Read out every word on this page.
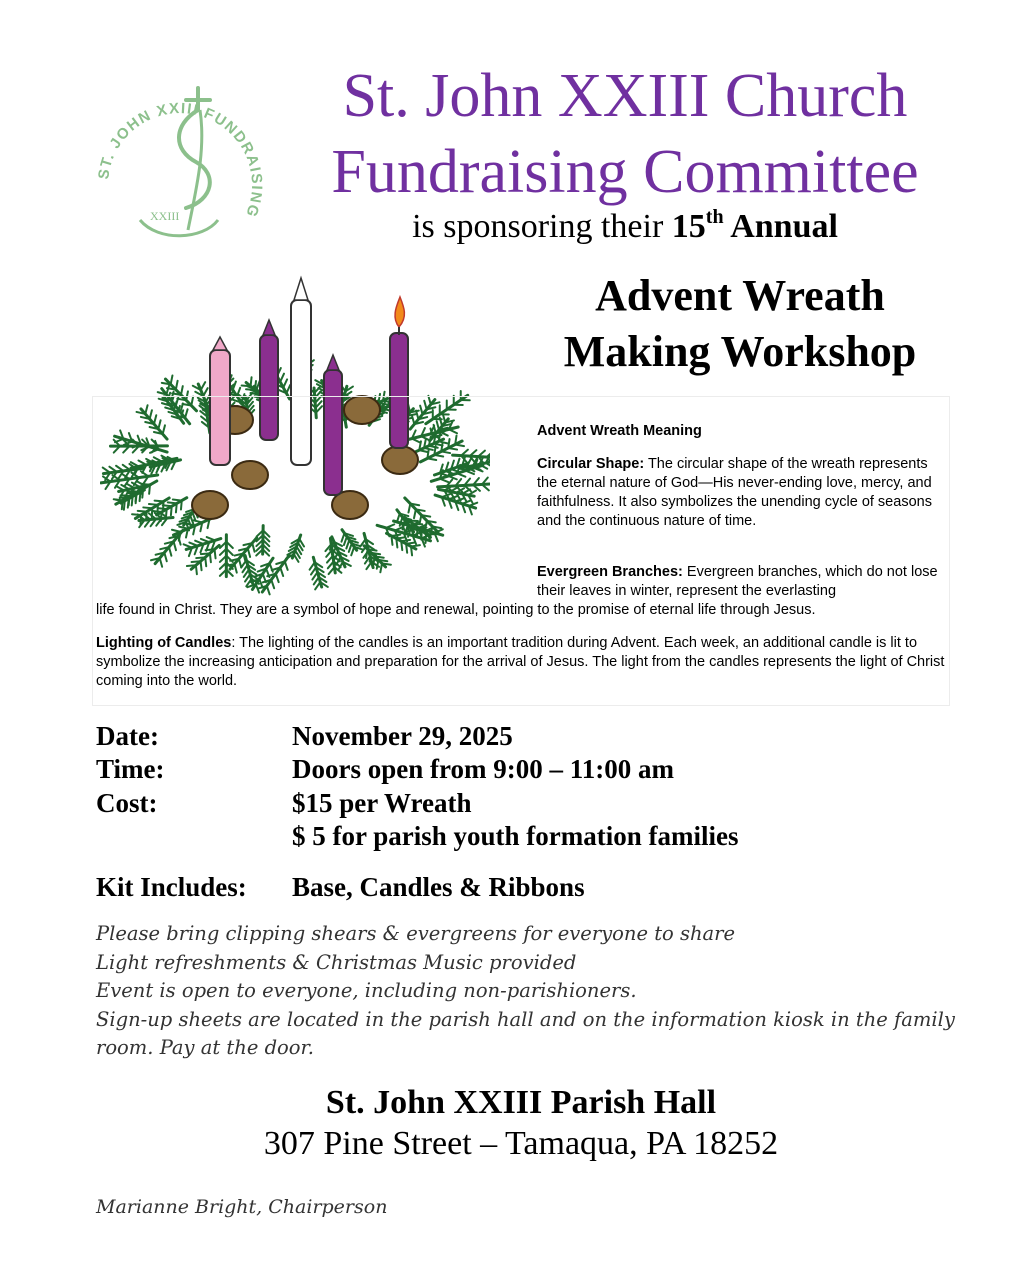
ST. JOHN XXIII FUNDRAISING
XXIII
St. John XXIII Church
Fundraising Committee
is sponsoring their 15th Annual
Advent Wreath
Making Workshop
Advent Wreath Meaning
Circular Shape: The circular shape of the wreath represents the eternal nature of God—His never-ending love, mercy, and faithfulness. It also symbolizes the unending cycle of seasons and the continuous nature of time.
Evergreen Branches: Evergreen branches, which do not lose their leaves in winter, represent the everlasting
life found in Christ. They are a symbol of hope and renewal, pointing to the promise of eternal life through Jesus.
Lighting of Candles: The lighting of the candles is an important tradition during Advent. Each week, an additional candle is lit to symbolize the increasing anticipation and preparation for the arrival of Jesus. The light from the candles represents the light of Christ coming into the world.
Date:	November 29, 2025
Time:	Doors open from 9:00 – 11:00 am
Cost:	$15 per Wreath
$ 5 for parish youth formation families
Kit Includes: Base, Candles & Ribbons
Please bring clipping shears & evergreens for everyone to share
Light refreshments & Christmas Music provided
Event is open to everyone, including non-parishioners.
Sign-up sheets are located in the parish hall and on the information kiosk in the family
room. Pay at the door.
St. John XXIII Parish Hall
307 Pine Street – Tamaqua, PA 18252
Marianne Bright, Chairperson
